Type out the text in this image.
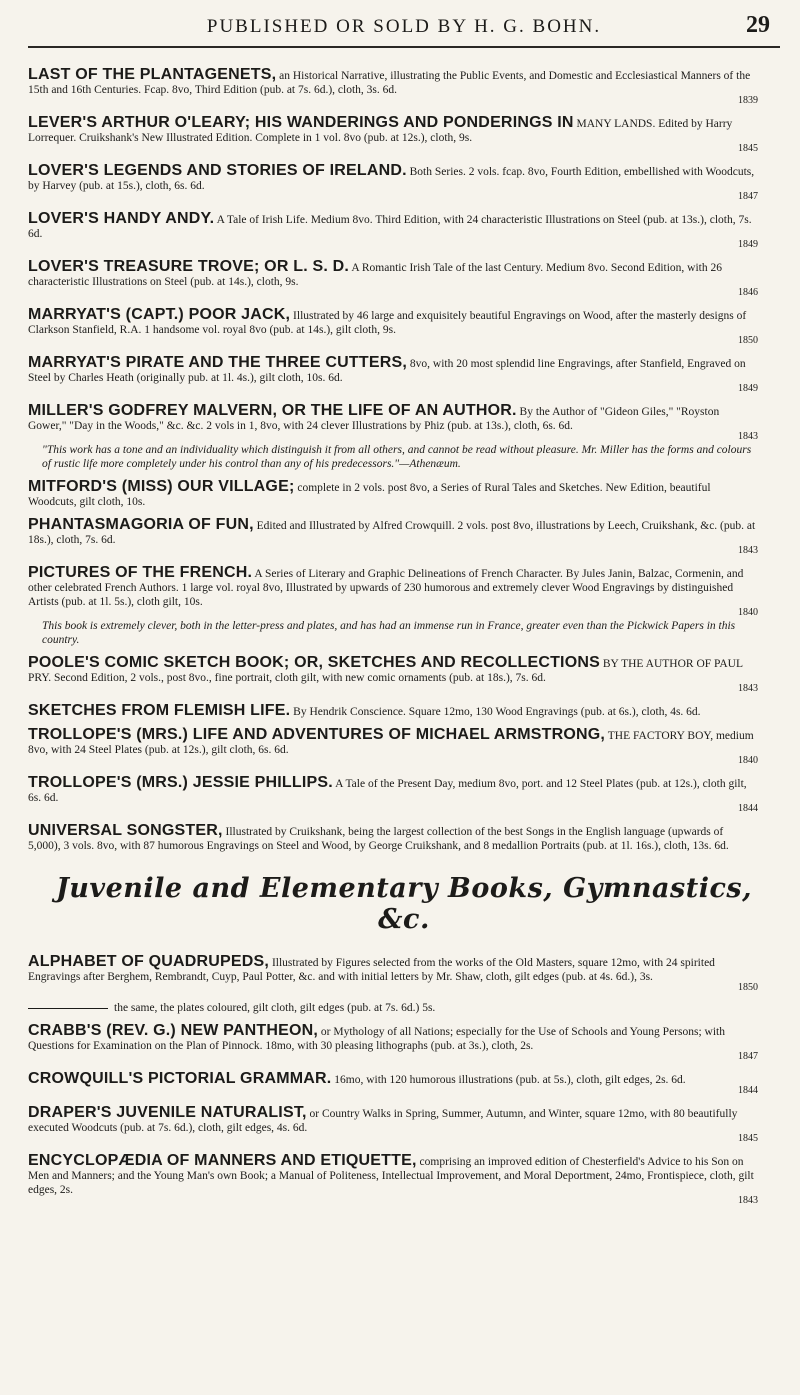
PUBLISHED OR SOLD BY H. G. BOHN.	29

LAST OF THE PLANTAGENETS, an Historical Narrative, illustrating the Public Events, and Domestic and Ecclesiastical Manners of the 15th and 16th Centuries. Fcap. 8vo, Third Edition (pub. at 7s. 6d.), cloth, 3s. 6d.

1839

LEVER'S ARTHUR O'LEARY; HIS WANDERINGS AND PONDERINGS IN MANY LANDS. Edited by Harry Lorrequer. Cruikshank's New Illustrated Edition. Complete in 1 vol. 8vo (pub. at 12s.), cloth, 9s.

1845

LOVER'S LEGENDS AND STORIES OF IRELAND. Both Series. 2 vols. fcap. 8vo, Fourth Edition, embellished with Woodcuts, by Harvey (pub. at 15s.), cloth, 6s. 6d.

1847

LOVER'S HANDY ANDY. A Tale of Irish Life. Medium 8vo. Third Edition, with 24 characteristic Illustrations on Steel (pub. at 13s.), cloth, 7s. 6d.

1849

LOVER'S TREASURE TROVE; OR L. S. D. A Romantic Irish Tale of the last Century. Medium 8vo. Second Edition, with 26 characteristic Illustrations on Steel (pub. at 14s.), cloth, 9s.

1846

MARRYAT'S (CAPT.) POOR JACK, Illustrated by 46 large and exquisitely beautiful Engravings on Wood, after the masterly designs of Clarkson Stanfield, R.A. 1 handsome vol. royal 8vo (pub. at 14s.), gilt cloth, 9s.

1850

MARRYAT'S PIRATE AND THE THREE CUTTERS, 8vo, with 20 most splendid line Engravings, after Stanfield, Engraved on Steel by Charles Heath (originally pub. at 1l. 4s.), gilt cloth, 10s. 6d.

1849

MILLER'S GODFREY MALVERN, OR THE LIFE OF AN AUTHOR. By the Author of "Gideon Giles," "Royston Gower," "Day in the Woods," &c. &c. 2 vols in 1, 8vo, with 24 clever Illustrations by Phiz (pub. at 13s.), cloth, 6s. 6d.

1843

"This work has a tone and an individuality which distinguish it from all others, and cannot be read without pleasure. Mr. Miller has the forms and colours of rustic life more completely under his control than any of his predecessors."—Athenæum.

MITFORD'S (MISS) OUR VILLAGE; complete in 2 vols. post 8vo, a Series of Rural Tales and Sketches. New Edition, beautiful Woodcuts, gilt cloth, 10s.

PHANTASMAGORIA OF FUN, Edited and Illustrated by Alfred Crowquill. 2 vols. post 8vo, illustrations by Leech, Cruikshank, &c. (pub. at 18s.), cloth, 7s. 6d.

1843

PICTURES OF THE FRENCH. A Series of Literary and Graphic Delineations of French Character. By Jules Janin, Balzac, Cormenin, and other celebrated French Authors. 1 large vol. royal 8vo, Illustrated by upwards of 230 humorous and extremely clever Wood Engravings by distinguished Artists (pub. at 1l. 5s.), cloth gilt, 10s.

1840

This book is extremely clever, both in the letter-press and plates, and has had an immense run in France, greater even than the Pickwick Papers in this country.

POOLE'S COMIC SKETCH BOOK; OR, SKETCHES AND RECOLLECTIONS BY THE AUTHOR OF PAUL PRY. Second Edition, 2 vols., post 8vo., fine portrait, cloth gilt, with new comic ornaments (pub. at 18s.), 7s. 6d.

1843

SKETCHES FROM FLEMISH LIFE. By Hendrik Conscience. Square 12mo, 130 Wood Engravings (pub. at 6s.), cloth, 4s. 6d.

TROLLOPE'S (MRS.) LIFE AND ADVENTURES OF MICHAEL ARMSTRONG, THE FACTORY BOY, medium 8vo, with 24 Steel Plates (pub. at 12s.), gilt cloth, 6s. 6d.

1840

TROLLOPE'S (MRS.) JESSIE PHILLIPS. A Tale of the Present Day, medium 8vo, port. and 12 Steel Plates (pub. at 12s.), cloth gilt, 6s. 6d.

1844

UNIVERSAL SONGSTER, Illustrated by Cruikshank, being the largest collection of the best Songs in the English language (upwards of 5,000), 3 vols. 8vo, with 87 humorous Engravings on Steel and Wood, by George Cruikshank, and 8 medallion Portraits (pub. at 1l. 16s.), cloth, 13s. 6d.

Juvenile and Elementary Books, Gymnastics, &c.

ALPHABET OF QUADRUPEDS, Illustrated by Figures selected from the works of the Old Masters, square 12mo, with 24 spirited Engravings after Berghem, Rembrandt, Cuyp, Paul Potter, &c. and with initial letters by Mr. Shaw, cloth, gilt edges (pub. at 4s. 6d.), 3s.

1850

the same, the plates coloured, gilt cloth, gilt edges (pub. at 7s. 6d.) 5s.

CRABB'S (REV. G.) NEW PANTHEON, or Mythology of all Nations; especially for the Use of Schools and Young Persons; with Questions for Examination on the Plan of Pinnock. 18mo, with 30 pleasing lithographs (pub. at 3s.), cloth, 2s.

1847

CROWQUILL'S PICTORIAL GRAMMAR. 16mo, with 120 humorous illustrations (pub. at 5s.), cloth, gilt edges, 2s. 6d.

1844

DRAPER'S JUVENILE NATURALIST, or Country Walks in Spring, Summer, Autumn, and Winter, square 12mo, with 80 beautifully executed Woodcuts (pub. at 7s. 6d.), cloth, gilt edges, 4s. 6d.

1845

ENCYCLOPÆDIA OF MANNERS AND ETIQUETTE, comprising an improved edition of Chesterfield's Advice to his Son on Men and Manners; and the Young Man's own Book; a Manual of Politeness, Intellectual Improvement, and Moral Deportment, 24mo, Frontispiece, cloth, gilt edges, 2s.

1843
